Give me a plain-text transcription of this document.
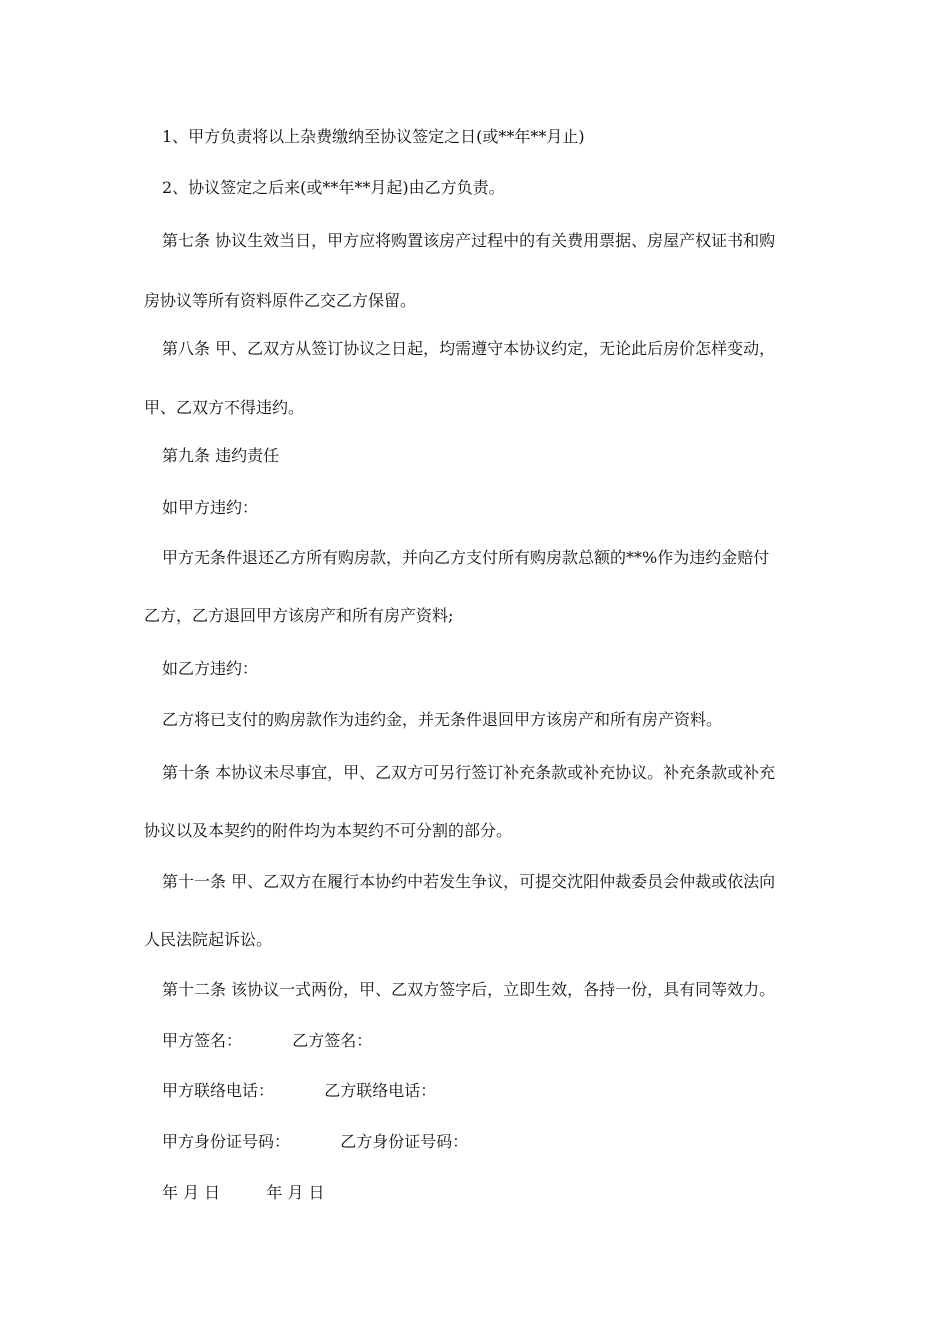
1、甲方负责将以上杂费缴纳至协议签定之日(或**年**月止)
2、协议签定之后来(或**年**月起)由乙方负责。
第七条 协议生效当日，甲方应将购置该房产过程中的有关费用票据、房屋产权证书和购
房协议等所有资料原件乙交乙方保留。
第八条 甲、乙双方从签订协议之日起，均需遵守本协议约定，无论此后房价怎样变动，
甲、乙双方不得违约。
第九条 违约责任
如甲方违约：
甲方无条件退还乙方所有购房款，并向乙方支付所有购房款总额的**%作为违约金赔付
乙方，乙方退回甲方该房产和所有房产资料;
如乙方违约：
乙方将已支付的购房款作为违约金，并无条件退回甲方该房产和所有房产资料。
第十条 本协议未尽事宜，甲、乙双方可另行签订补充条款或补充协议。补充条款或补充
协议以及本契约的附件均为本契约不可分割的部分。
第十一条 甲、乙双方在履行本协约中若发生争议，可提交沈阳仲裁委员会仲裁或依法向
人民法院起诉讼。
第十二条 该协议一式两份，甲、乙双方签字后，立即生效，各持一份，具有同等效力。
甲方签名：	乙方签名：
甲方联络电话：	乙方联络电话：
甲方身份证号码：	乙方身份证号码：
年 月 日	年 月 日
